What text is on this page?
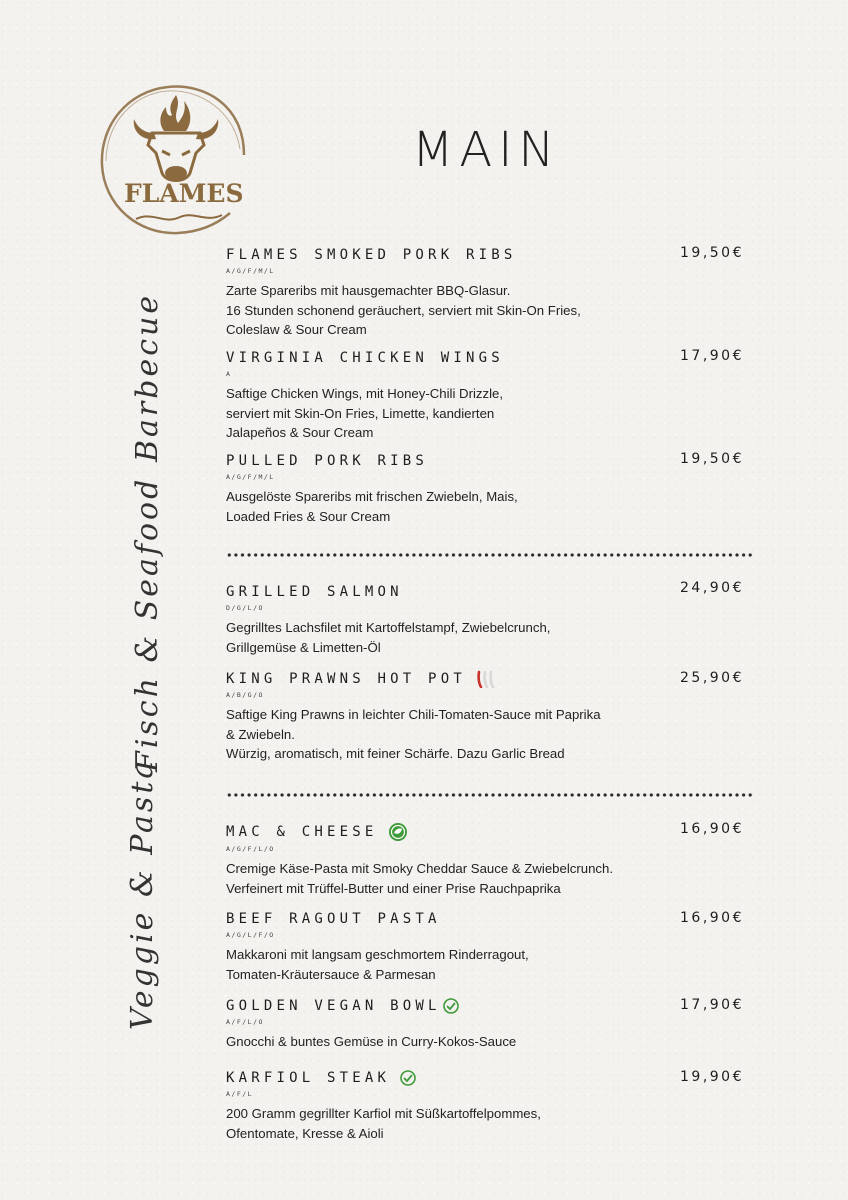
FLAMES
MAIN
Barbecue
Fisch & Seafood
Veggie & Pasta
FLAMES SMOKED PORK RIBS
A/G/F/M/L
Zarte Spareribs mit hausgemachter BBQ-Glasur.
16 Stunden schonend geräuchert, serviert mit Skin-On Fries,
Coleslaw & Sour Cream
19,50€
VIRGINIA CHICKEN WINGS
A
Saftige Chicken Wings, mit Honey-Chili Drizzle,
serviert mit Skin-On Fries, Limette, kandierten
Jalapeños & Sour Cream
17,90€
PULLED PORK RIBS
A/G/F/M/L
Ausgelöste Spareribs mit frischen Zwiebeln, Mais,
Loaded Fries & Sour Cream
19,50€
GRILLED SALMON
D/G/L/O
Gegrilltes Lachsfilet mit Kartoffelstampf, Zwiebelcrunch,
Grillgemüse & Limetten-Öl
24,90€
KING PRAWNS HOT POT
A/B/G/O
Saftige King Prawns in leichter Chili-Tomaten-Sauce mit Paprika
& Zwiebeln.
Würzig, aromatisch, mit feiner Schärfe. Dazu Garlic Bread
25,90€
MAC & CHEESE
A/G/F/L/O
Cremige Käse-Pasta mit Smoky Cheddar Sauce & Zwiebelcrunch.
Verfeinert mit Trüffel-Butter und einer Prise Rauchpaprika
16,90€
BEEF RAGOUT PASTA
A/G/L/F/O
Makkaroni mit langsam geschmortem Rinderragout,
Tomaten-Kräutersauce & Parmesan
16,90€
GOLDEN VEGAN BOWL
A/F/L/O
Gnocchi & buntes Gemüse in Curry-Kokos-Sauce
17,90€
KARFIOL STEAK
A/F/L
200 Gramm gegrillter Karfiol mit Süßkartoffelpommes,
Ofentomate, Kresse & Aioli
19,90€
